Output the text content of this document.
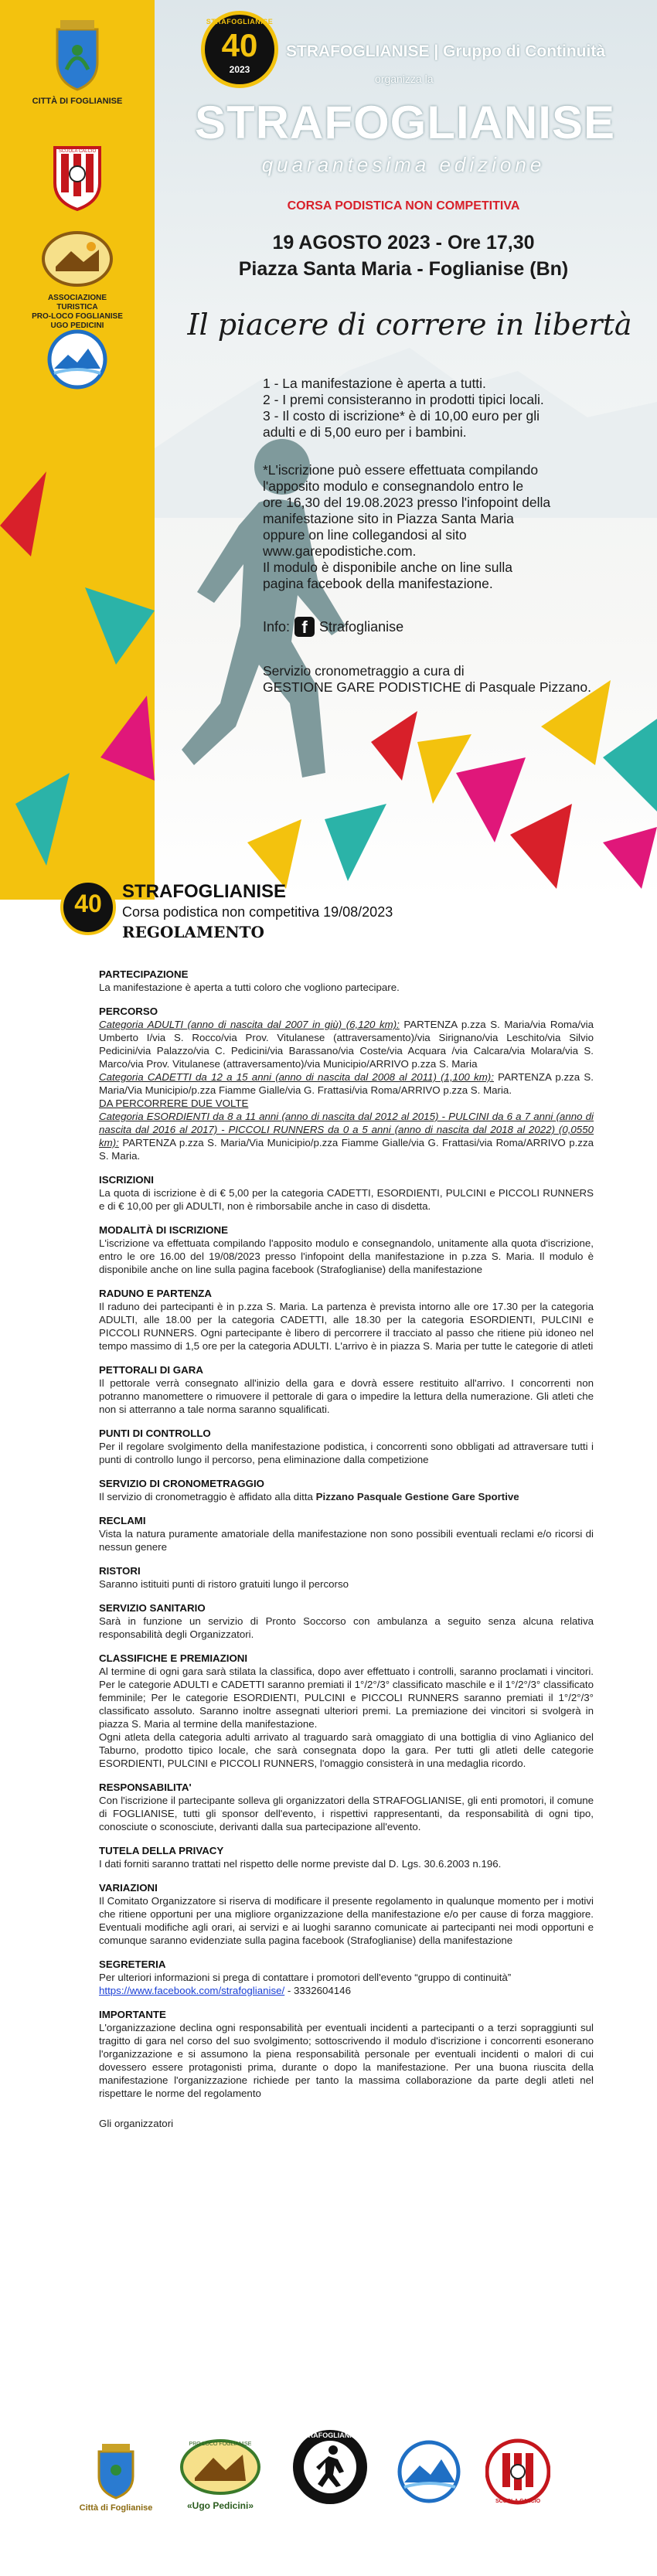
CITTÀ DI FOGLIANISE
SCUOLA CALCIO
ASSOCIAZIONE TURISTICA
PRO-LOCO FOGLIANISE
UGO PEDICINI
STRAFOGLIANISE
40
2023
STRAFOGLIANISE | Gruppo di Continuità
organizza la
STRAFOGLIANISE
quarantesima edizione
CORSA PODISTICA NON COMPETITIVA
19 AGOSTO 2023 - Ore 17,30
Piazza Santa Maria - Foglianise (Bn)
Il piacere di correre in libertà
1 - La manifestazione è aperta a tutti.
2 - I premi consisteranno in prodotti tipici locali.
3 - Il costo di iscrizione* è di 10,00 euro per gli
adulti e di 5,00 euro per i bambini.
*L'iscrizione può essere effettuata compilando
l'apposito modulo e consegnandolo entro le
ore 16,30 del 19.08.2023 presso l'infopoint della
manifestazione sito in Piazza Santa Maria
oppure on line collegandosi al sito
www.garepodistiche.com.
Il modulo è disponibile anche on line sulla
pagina facebook della manifestazione.
Info: f Strafoglianise
Servizio cronometraggio a cura di
GESTIONE GARE PODISTICHE di Pasquale Pizzano.
40	STRAFOGLIANISE
Corsa podistica non competitiva 19/08/2023
REGOLAMENTO
PARTECIPAZIONE

La manifestazione è aperta a tutti coloro che vogliono partecipare.

PERCORSO

Categoria ADULTI (anno di nascita dal 2007 in giù) (6,120 km): PARTENZA p.zza S. Maria/via Roma/via Umberto I/via S. Rocco/via Prov. Vitulanese (attraversamento)/via Sirignano/via Leschito/via Silvio Pedicini/via Palazzo/via C. Pedicini/via Barassano/via Coste/via Acquara /via Calcara/via Molara/via S. Marco/via Prov. Vitulanese (attraversamento)/via Municipio/ARRIVO p.zza S. Maria
Categoria CADETTI da 12 a 15 anni (anno di nascita dal 2008 al 2011) (1,100 km): PARTENZA p.zza S. Maria/Via Municipio/p.zza Fiamme Gialle/via G. Frattasi/via Roma/ARRIVO p.zza S. Maria.
DA PERCORRERE DUE VOLTE
Categoria ESORDIENTI da 8 a 11 anni (anno di nascita dal 2012 al 2015) - PULCINI da 6 a 7 anni (anno di nascita dal 2016 al 2017) - PICCOLI RUNNERS da 0 a 5 anni (anno di nascita dal 2018 al 2022) (0,0550 km): PARTENZA p.zza S. Maria/Via Municipio/p.zza Fiamme Gialle/via G. Frattasi/via Roma/ARRIVO p.zza S. Maria.

ISCRIZIONI

La quota di iscrizione è di € 5,00 per la categoria CADETTI, ESORDIENTI, PULCINI e PICCOLI RUNNERS e di € 10,00 per gli ADULTI, non è rimborsabile anche in caso di disdetta.

MODALITÀ DI ISCRIZIONE

L'iscrizione va effettuata compilando l'apposito modulo e consegnandolo, unitamente alla quota d'iscrizione, entro le ore 16.00 del 19/08/2023 presso l'infopoint della manifestazione in p.zza S. Maria. Il modulo è disponibile anche on line sulla pagina facebook (Strafoglianise) della manifestazione

RADUNO E PARTENZA

Il raduno dei partecipanti è in p.zza S. Maria. La partenza è prevista intorno alle ore 17.30 per la categoria ADULTI, alle 18.00 per la categoria CADETTI, alle 18.30 per la categoria ESORDIENTI, PULCINI e PICCOLI RUNNERS. Ogni partecipante è libero di percorrere il tracciato al passo che ritiene più idoneo nel tempo massimo di 1,5 ore per la categoria ADULTI. L'arrivo è in piazza S. Maria per tutte le categorie di atleti

PETTORALI DI GARA

Il pettorale verrà consegnato all'inizio della gara e dovrà essere restituito all'arrivo. I concorrenti non potranno manomettere o rimuovere il pettorale di gara o impedire la lettura della numerazione. Gli atleti che non si atterranno a tale norma saranno squalificati.

PUNTI DI CONTROLLO

Per il regolare svolgimento della manifestazione podistica, i concorrenti sono obbligati ad attraversare tutti i punti di controllo lungo il percorso, pena eliminazione dalla competizione

SERVIZIO DI CRONOMETRAGGIO

Il servizio di cronometraggio è affidato alla ditta Pizzano Pasquale Gestione Gare Sportive

RECLAMI

Vista la natura puramente amatoriale della manifestazione non sono possibili eventuali reclami e/o ricorsi di nessun genere

RISTORI

Saranno istituiti punti di ristoro gratuiti lungo il percorso

SERVIZIO SANITARIO

Sarà in funzione un servizio di Pronto Soccorso con ambulanza a seguito senza alcuna relativa responsabilità degli Organizzatori.

CLASSIFICHE E PREMIAZIONI

Al termine di ogni gara sarà stilata la classifica, dopo aver effettuato i controlli, saranno proclamati i vincitori. Per le categorie ADULTI e CADETTI saranno premiati il 1°/2°/3° classificato maschile e il 1°/2°/3° classificato femminile; Per le categorie ESORDIENTI, PULCINI e PICCOLI RUNNERS saranno premiati il 1°/2°/3° classificato assoluto. Saranno inoltre assegnati ulteriori premi. La premiazione dei vincitori si svolgerà in piazza S. Maria al termine della manifestazione.
Ogni atleta della categoria adulti arrivato al traguardo sarà omaggiato di una bottiglia di vino Aglianico del Taburno, prodotto tipico locale, che sarà consegnata dopo la gara. Per tutti gli atleti delle categorie ESORDIENTI, PULCINI e PICCOLI RUNNERS, l'omaggio consisterà in una medaglia ricordo.

RESPONSABILITA'

Con l'iscrizione il partecipante solleva gli organizzatori della STRAFOGLIANISE, gli enti promotori, il comune di FOGLIANISE, tutti gli sponsor dell'evento, i rispettivi rappresentanti, da responsabilità di ogni tipo, conosciute o sconosciute, derivanti dalla sua partecipazione all'evento.

TUTELA DELLA PRIVACY

I dati forniti saranno trattati nel rispetto delle norme previste dal D. Lgs. 30.6.2003 n.196.

VARIAZIONI

Il Comitato Organizzatore si riserva di modificare il presente regolamento in qualunque momento per i motivi che ritiene opportuni per una migliore organizzazione della manifestazione e/o per cause di forza maggiore. Eventuali modifiche agli orari, ai servizi e ai luoghi saranno comunicate ai partecipanti nei modi opportuni e comunque saranno evidenziate sulla pagina facebook (Strafoglianise) della manifestazione

SEGRETERIA

Per ulteriori informazioni si prega di contattare i promotori dell'evento “gruppo di continuità”
https://www.facebook.com/strafoglianise/ - 3332604146

IMPORTANTE

L'organizzazione declina ogni responsabilità per eventuali incidenti a partecipanti o a terzi sopraggiunti sul tragitto di gara nel corso del suo svolgimento; sottoscrivendo il modulo d'iscrizione i concorrenti esonerano l'organizzazione e si assumono la piena responsabilità personale per eventuali incidenti o malori di cui dovessero essere protagonisti prima, durante o dopo la manifestazione. Per una buona riuscita della manifestazione l'organizzazione richiede per tanto la massima collaborazione da parte degli atleti nel rispettare le norme del regolamento

Gli organizzatori

Città di Foglianise
PRO LOCO FOGLIANISE
«Ugo Pedicini»
STRAFOGLIANISE
SCUOLA CALCIO
